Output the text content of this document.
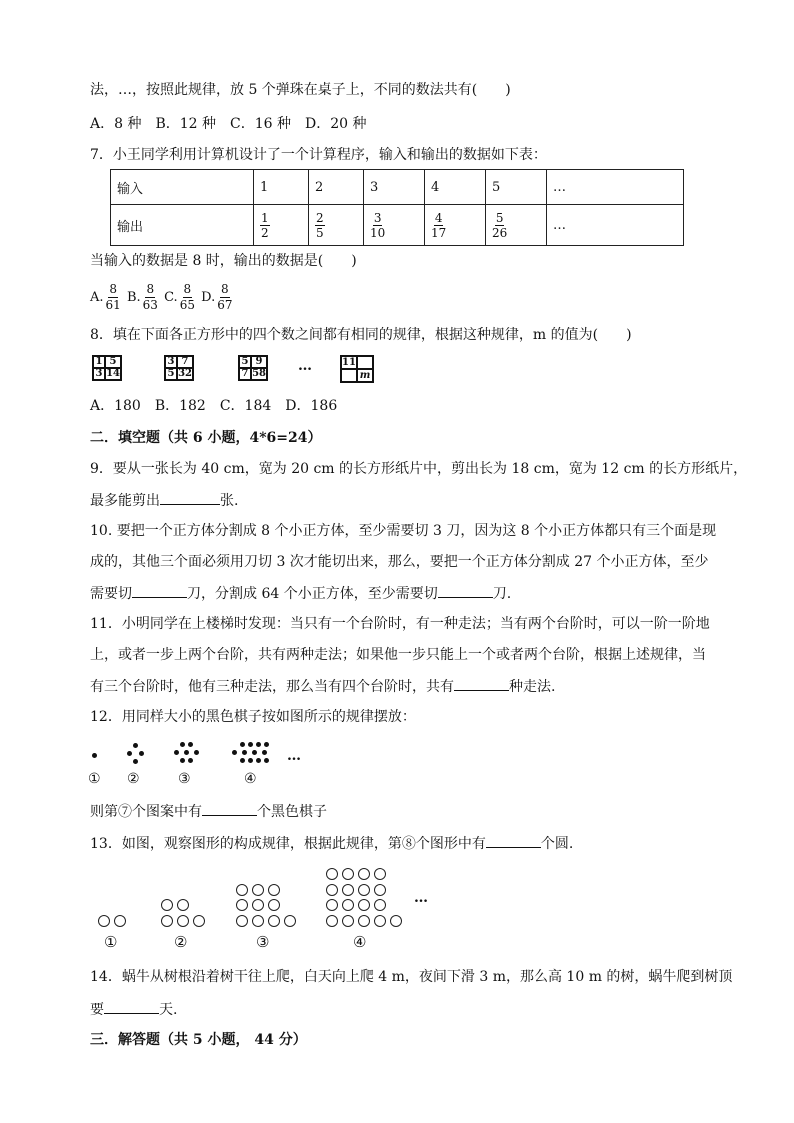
法，…，按照此规律，放 5 个弹珠在桌子上，不同的数法共有(　　)
A．8 种　B．12 种　C．16 种　D．20 种
7．小王同学利用计算机设计了一个计算程序，输入和输出的数据如下表：
输入	1	2	3	4	5	…
输出	$\frac{1}{2}$	$\frac{2}{5}$	$\frac{3}{10}$	$\frac{4}{17}$	$\frac{5}{26}$	…
当输入的数据是 8 时，输出的数据是(　　)
A. $\frac{8}{61} B$. $\frac{8}{63} C$. $\frac{8}{65} D$. $\frac{8}{67}$
8．填在下面各正方形中的四个数之间都有相同的规律，根据这种规律，m 的值为(　　)
1 5
3 14
3 7
5 32
5 9
7 58 …	11
m
A．180　B．182　C．184　D．186
二．填空题（共 6 小题，4*6=24）
9．要从一张长为 40 cm，宽为 20 cm 的长方形纸片中，剪出长为 18 cm，宽为 12 cm 的长方形纸片，
最多能剪出	张.
10. 要把一个正方体分割成 8 个小正方体，至少需要切 3 刀，因为这 8 个小正方体都只有三个面是现
成的，其他三个面必须用刀切 3 次才能切出来，那么，要把一个正方体分割成 27 个小正方体，至少
需要切	刀，分割成 64 个小正方体，至少需要切	刀.
11．小明同学在上楼梯时发现：当只有一个台阶时，有一种走法；当有两个台阶时，可以一阶一阶地
上，或者一步上两个台阶，共有两种走法；如果他一步只能上一个或者两个台阶，根据上述规律，当
有三个台阶时，他有三种走法，那么当有四个台阶时，共有	种走法.
12．用同样大小的黑色棋子按如图所示的规律摆放：
…
① ②	③	④
则第⑦个图案中有	个黑色棋子
13．如图，观察图形的构成规律，根据此规律，第⑧个图形中有	个圆.
…
①	②	③	④
14．蜗牛从树根沿着树干往上爬，白天向上爬 4 m，夜间下滑 3 m，那么高 10 m 的树，蜗牛爬到树顶
要	天.
三．解答题（共 5 小题， 44 分）
